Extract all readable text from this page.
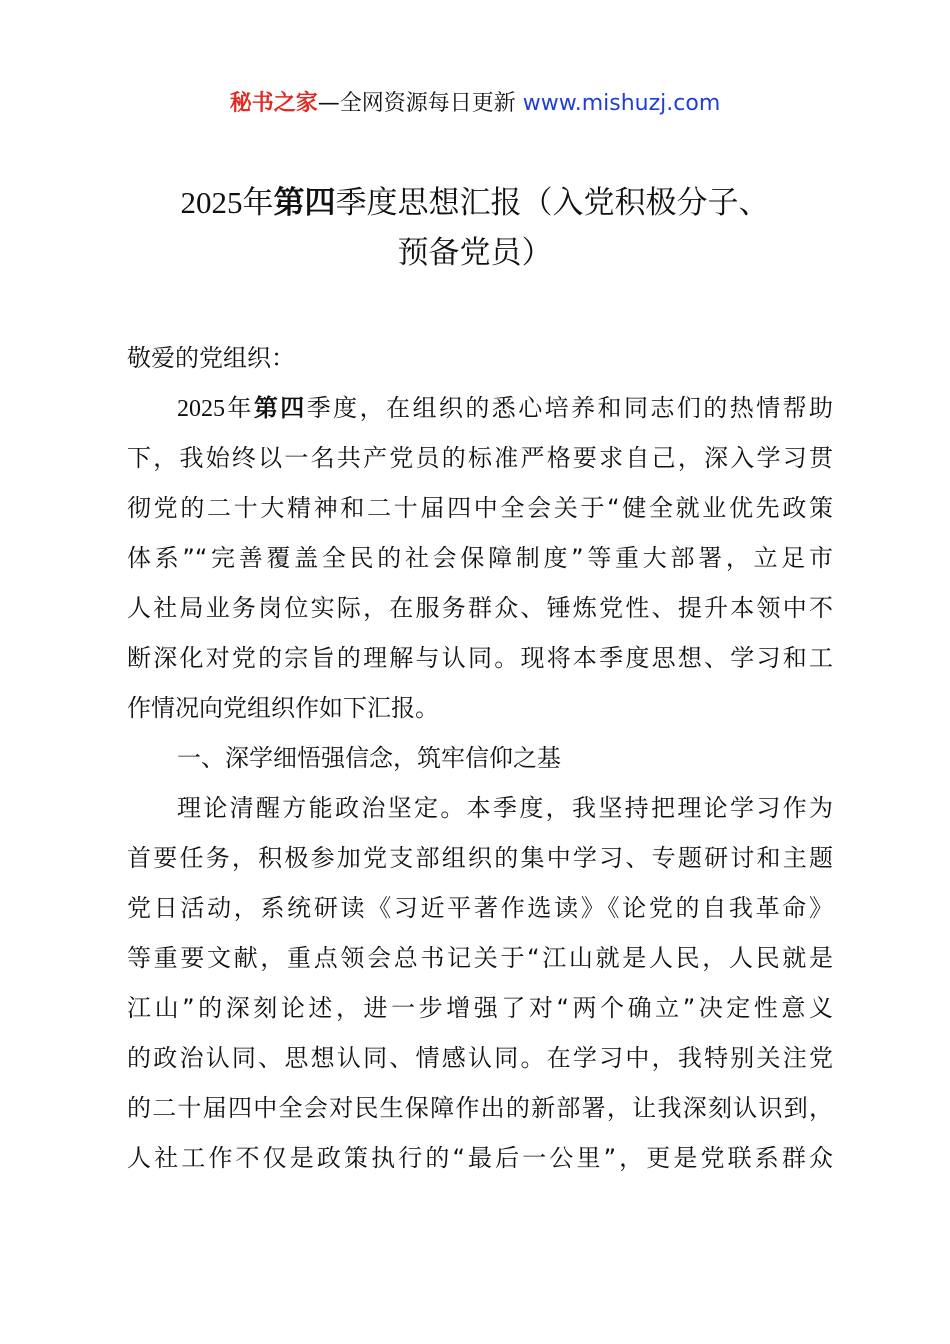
秘书之家—全网资源每日更新 www.mishuzj.com
2025年第四季度思想汇报（入党积极分子、
预备党员）
敬爱的党组织：
2025年第四季度，在组织的悉心培养和同志们的热情帮助
下，我始终以一名共产党员的标准严格要求自己，深入学习贯
彻党的二十大精神和二十届四中全会关于“健全就业优先政策
体系”“完善覆盖全民的社会保障制度”等重大部署，立足市
人社局业务岗位实际，在服务群众、锤炼党性、提升本领中不
断深化对党的宗旨的理解与认同。现将本季度思想、学习和工
作情况向党组织作如下汇报。
一、深学细悟强信念，筑牢信仰之基
理论清醒方能政治坚定。本季度，我坚持把理论学习作为
首要任务，积极参加党支部组织的集中学习、专题研讨和主题
党日活动，系统研读《习近平著作选读》《论党的自我革命》
等重要文献，重点领会总书记关于“江山就是人民，人民就是
江山”的深刻论述，进一步增强了对“两个确立”决定性意义
的政治认同、思想认同、情感认同。在学习中，我特别关注党
的二十届四中全会对民生保障作出的新部署，让我深刻认识到，
人社工作不仅是政策执行的“最后一公里”，更是党联系群众
